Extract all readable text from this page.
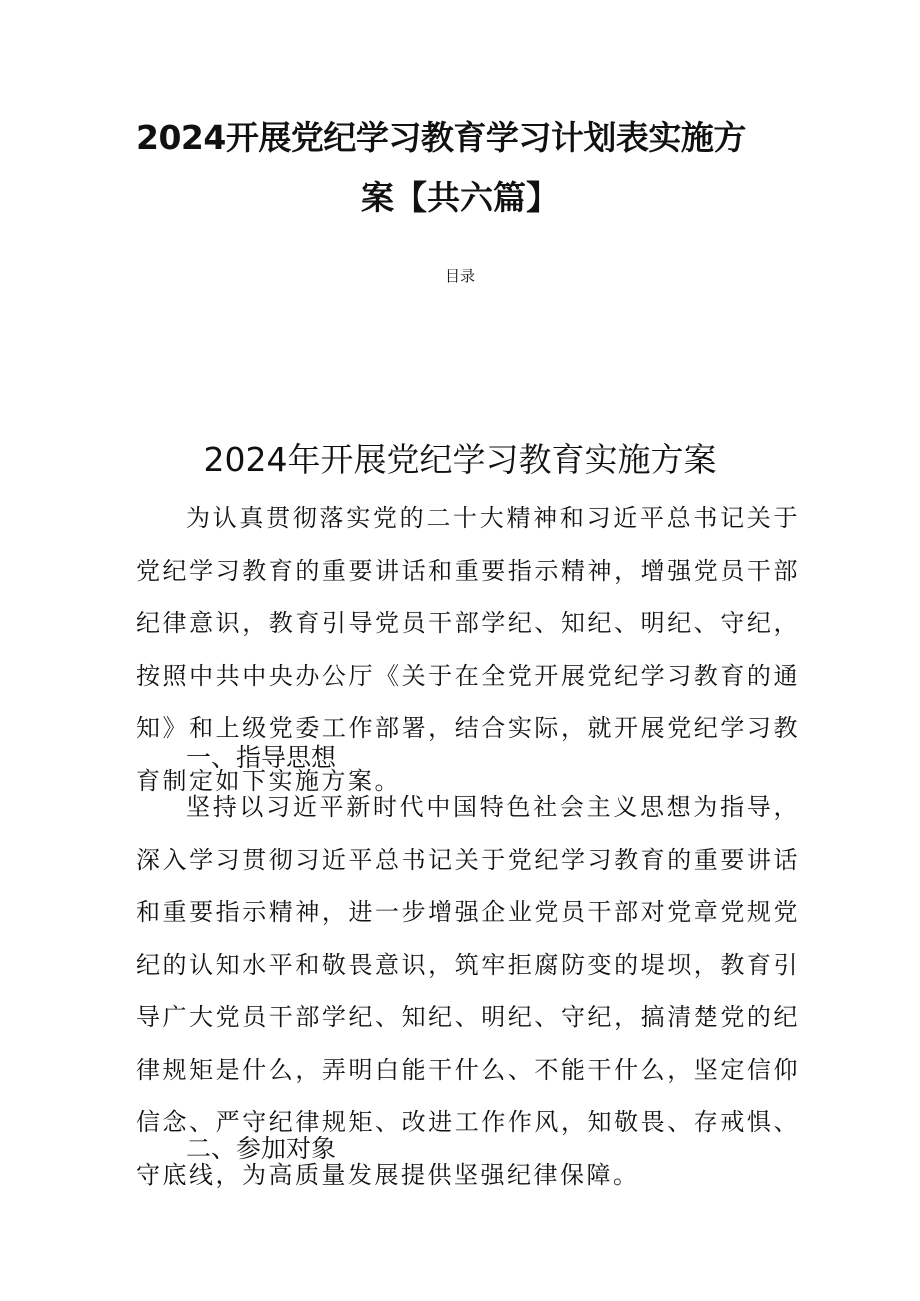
2024开展党纪学习教育学习计划表实施方
案【共六篇】
目录
2024年开展党纪学习教育实施方案
为认真贯彻落实党的二十大精神和习近平总书记关于党纪学习教育的重要讲话和重要指示精神，增强党员干部纪律意识，教育引导党员干部学纪、知纪、明纪、守纪，按照中共中央办公厅《关于在全党开展党纪学习教育的通知》和上级党委工作部署，结合实际，就开展党纪学习教育制定如下实施方案。
一、指导思想
坚持以习近平新时代中国特色社会主义思想为指导，深入学习贯彻习近平总书记关于党纪学习教育的重要讲话和重要指示精神，进一步增强企业党员干部对党章党规党纪的认知水平和敬畏意识，筑牢拒腐防变的堤坝，教育引导广大党员干部学纪、知纪、明纪、守纪，搞清楚党的纪律规矩是什么，弄明白能干什么、不能干什么，坚定信仰信念、严守纪律规矩、改进工作作风，知敬畏、存戒惧、守底线，为高质量发展提供坚强纪律保障。
二、参加对象
